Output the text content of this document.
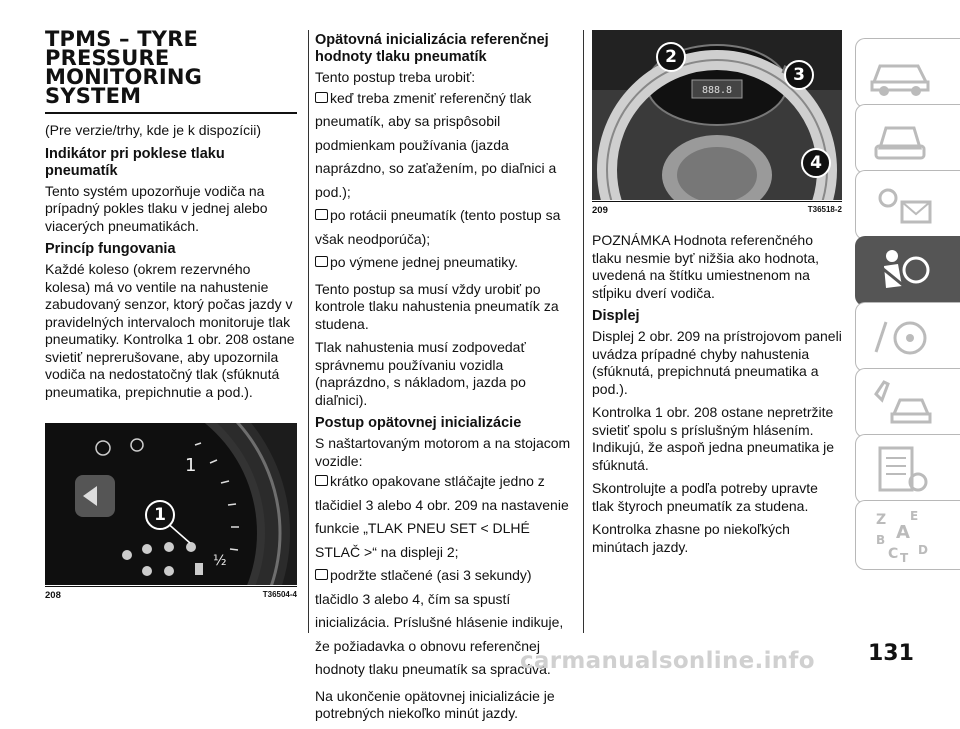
TPMS – TYRE
PRESSURE
MONITORING
SYSTEM

(Pre verzie/trhy, kde je k dispozícii)

Indikátor pri poklese tlaku pneumatík

Tento systém upozorňuje vodiča na prípadný pokles tlaku v jednej alebo viacerých pneumatikách.

Princíp fungovania

Každé koleso (okrem rezervného kolesa) má vo ventile na nahustenie zabudovaný senzor, ktorý počas jazdy v pravidelných intervaloch monitoruje tlak pneumatiky. Kontrolka 1 obr. 208 ostane svietiť neprerušovane, aby upozornila vodiča na nedostatočný tlak (sfúknutá pneumatika, prepichnutie a pod.).

1
½
1
208	T36504-4
Opätovná inicializácia referenčnej hodnoty tlaku pneumatík

Tento postup treba urobiť:

keď treba zmeniť referenčný tlak pneumatík, aby sa prispôsobil podmienkam používania (jazda naprázdno, so zaťažením, po diaľnici a pod.);
po rotácii pneumatík (tento postup sa však neodporúča);
po výmene jednej pneumatiky.

Tento postup sa musí vždy urobiť po kontrole tlaku nahustenia pneumatík za studena.

Tlak nahustenia musí zodpovedať správnemu používaniu vozidla (naprázdno, s nákladom, jazda po diaľnici).

Postup opätovnej inicializácie

S naštartovaným motorom a na stojacom vozidle:

krátko opakovane stláčajte jedno z tlačidiel 3 alebo 4 obr. 209 na nastavenie funkcie „TLAK PNEU SET < DLHÉ STLAČ >“ na displeji 2;
podržte stlačené (asi 3 sekundy) tlačidlo 3 alebo 4, čím sa spustí inicializácia. Príslušné hlásenie indikuje, že požiadavka o obnovu referenčnej hodnoty tlaku pneumatík sa spracúva.

Na ukončenie opätovnej inicializácie je potrebných niekoľko minút jazdy.

888.8
2
3
4
209	T36518-2

POZNÁMKA Hodnota referenčného tlaku nesmie byť nižšia ako hodnota, uvedená na štítku umiestnenom na stĺpiku dverí vodiča.

Displej

Displej 2 obr. 209 na prístrojovom paneli uvádza prípadné chyby nahustenia (sfúknutá, prepichnutá pneumatika a pod.).

Kontrolka 1 obr. 208 ostane nepretržite svietiť spolu s príslušným hlásením. Indikujú, že aspoň jedna pneumatika je sfúknutá.

Skontrolujte a podľa potreby upravte tlak štyroch pneumatík za studena.

Kontrolka zhasne po niekoľkých minútach jazdy.

Z E
A
B
C T
D
carmanualsonline.info 131
